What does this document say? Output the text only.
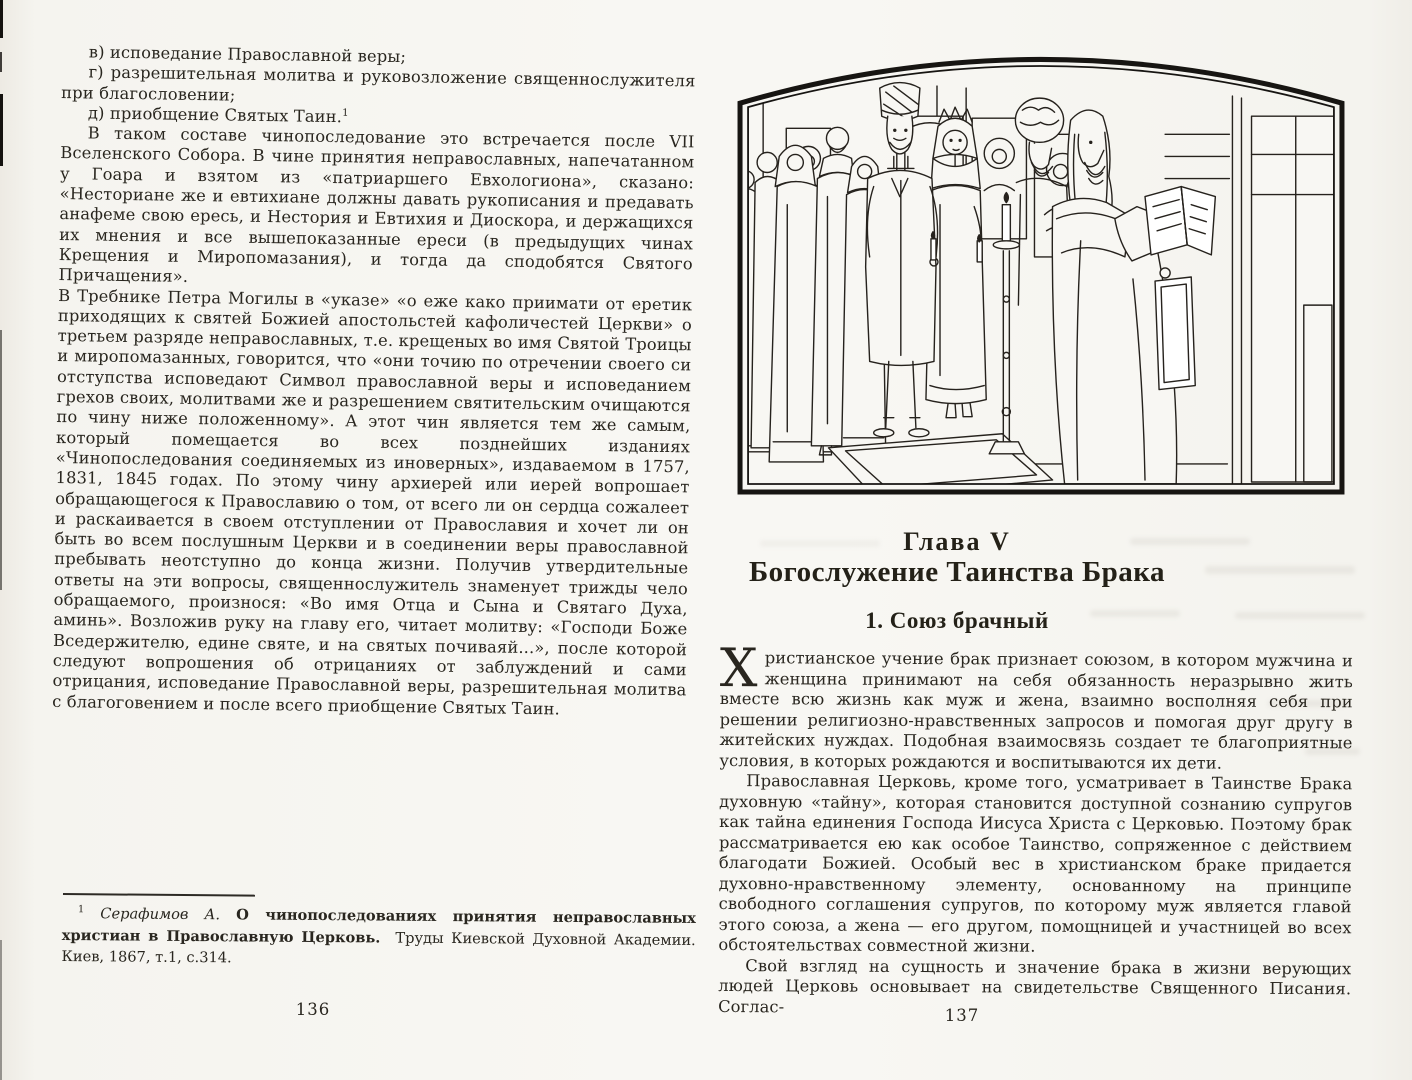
в) исповедание Православной веры;

г) разрешительная молитва и руковозложение священнослужителя при благословении;

д) приобщение Святых Таин.$^1$

В таком составе чинопоследование это встречается после VII Вселенского Собора. В чине принятия неправославных, напечатанном у Гоара и взятом из «патриаршего Евхологиона», сказано: «Несториане же и евтихиане должны давать рукописания и предавать анафеме свою ересь, и Нестория и Евтихия и Диоскора, и держащихся их мнения и все вышепоказанные ереси (в предыдущих чинах Крещения и Миропомазания), и тогда да сподобятся Святого Причащения».

В Требнике Петра Могилы в «указе» «о еже како приимати от еретик приходящих к святей Божией апостольстей кафоличестей Церкви» о третьем разряде неправославных, т.е. крещеных во имя Святой Троицы и миропомазанных, говорится, что «они точию по отречении своего си отступства исповедают Символ православной веры и исповеданием грехов своих, молитвами же и разрешением святительским очищаются по чину ниже положенному». А этот чин является тем же самым, который помещается во всех позднейших изданиях «Чинопоследования соединяемых из иноверных», издаваемом в 1757, 1831, 1845 годах. По этому чину архиерей или иерей вопрошает обращающегося к Православию о том, от всего ли он сердца сожалеет и раскаивается в своем отступлении от Православия и хочет ли он быть во всем послушным Церкви и в соединении веры православной пребывать неотступно до конца жизни. Получив утвердительные ответы на эти вопросы, священнослужитель знаменует трижды чело обращаемого, произнося: «Во имя Отца и Сына и Святаго Духа, аминь». Возложив руку на главу его, читает молитву: «Господи Боже Вседержителю, едине святе, и на святых почиваяй...», после которой следуют вопрошения об отрицаниях от заблуждений и сами отрицания, исповедание Православной веры, разрешительная молитва с благоговением и после всего приобщение Святых Таин.

$^1$ Серафимов А. О чинопоследованиях принятия неправославных христиан в Православную Церковь. Труды Киевской Духовной Академии. Киев, 1867, т.1, с.314.

136
Глава V
Богослужение Таинства Брака
1. Союз брачный

Христианское учение брак признает союзом, в котором мужчина и женщина принимают на себя обязанность неразрывно жить вместе всю жизнь как муж и жена, взаимно восполняя себя при решении религиозно-нравственных запросов и помогая друг другу в житейских нуждах. Подобная взаимосвязь создает те благоприятные условия, в которых рождаются и воспитываются их дети.

Православная Церковь, кроме того, усматривает в Таинстве Брака духовную «тайну», которая становится доступной сознанию супругов как тайна единения Господа Иисуса Христа с Церковью. Поэтому брак рассматривается ею как особое Таинство, сопряженное с действием благодати Божией. Особый вес в христианском браке придается духовно-нравственному элементу, основанному на принципе свободного соглашения супругов, по которому муж является главой этого союза, а жена — его другом, помощницей и участницей во всех обстоятельствах совместной жизни.

Свой взгляд на сущность и значение брака в жизни верующих людей Церковь основывает на свидетельстве Священного Писания. Соглас-	137
